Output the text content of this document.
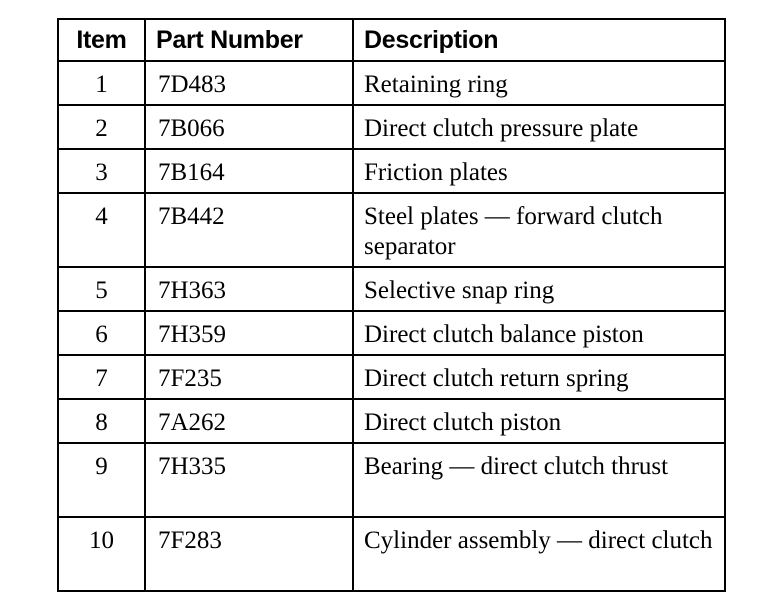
Item	Part Number	Description
1	7D483	Retaining ring
2	7B066	Direct clutch pressure plate
3	7B164	Friction plates
4	7B442	Steel plates — forward clutch separator
5	7H363	Selective snap ring
6	7H359	Direct clutch balance piston
7	7F235	Direct clutch return spring
8	7A262	Direct clutch piston
9	7H335	Bearing — direct clutch thrust
10	7F283	Cylinder assembly — direct clutch
